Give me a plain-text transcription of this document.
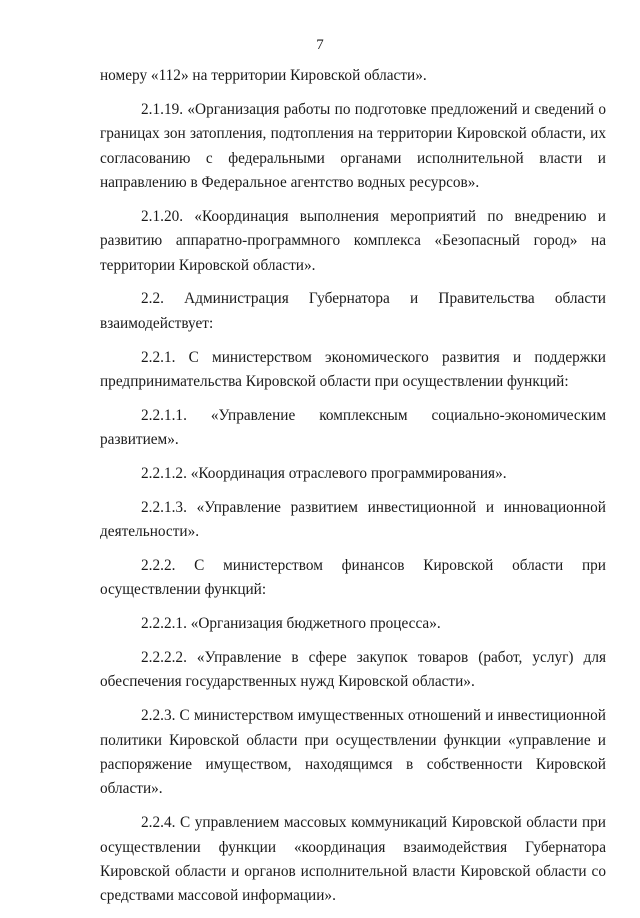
7
номеру «112» на территории Кировской области».
2.1.19. «Организация работы по подготовке предложений и сведений о
границах зон затопления, подтопления на территории Кировской области, их
согласованию с федеральными органами исполнительной власти и
направлению в Федеральное агентство водных ресурсов».
2.1.20. «Координация выполнения мероприятий по внедрению и
развитию аппаратно-программного комплекса «Безопасный город» на
территории Кировской области».
2.2. Администрация Губернатора и Правительства области
взаимодействует:
2.2.1. С министерством экономического развития и поддержки
предпринимательства Кировской области при осуществлении функций:
2.2.1.1. «Управление комплексным социально-экономическим
развитием».
2.2.1.2. «Координация отраслевого программирования».
2.2.1.3. «Управление развитием инвестиционной и инновационной
деятельности».
2.2.2. С министерством финансов Кировской области при
осуществлении функций:
2.2.2.1. «Организация бюджетного процесса».
2.2.2.2. «Управление в сфере закупок товаров (работ, услуг) для
обеспечения государственных нужд Кировской области».
2.2.3. С министерством имущественных отношений и инвестиционной
политики Кировской области при осуществлении функции «управление и
распоряжение имуществом, находящимся в собственности Кировской
области».
2.2.4. С управлением массовых коммуникаций Кировской области при
осуществлении функции «координация взаимодействия Губернатора
Кировской области и органов исполнительной власти Кировской области со
средствами массовой информации».
